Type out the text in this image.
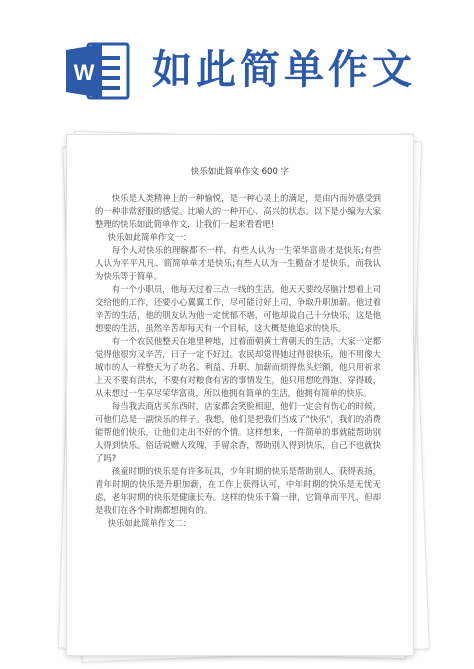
W 如此简单作文
快乐如此简单作文 600 字

快乐是人类精神上的一种愉悦，是一种心灵上的满足，是由内而外感受到的一种非常舒服的感觉。比喻人的一种开心、高兴的状态。以下是小编为大家整理的快乐如此简单作文，让我们一起来看看吧!

快乐如此简单作文一：

每个人对快乐的理解都不一样，有些人认为一生荣华富贵才是快乐;有些人认为平平凡凡、简简单单才是快乐;有些人认为一生勤奋才是快乐，而我认为快乐等于简单。

有一个小职员，他每天过着三点一线的生活，他天天要绞尽脑汁想着上司交给他的工作，还要小心翼翼工作，尽可能讨好上司，争取升职加薪。他过着辛苦的生活，他的朋友认为他一定忧郁不堪，可他却说自己十分快乐，这是他想要的生活，虽然辛苦却每天有一个目标，这大概是他追求的快乐。

有一个农民他整天在地里种地，过着面朝黄土背朝天的生活，大家一定都觉得他很穷又辛苦，日子一定不好过。农民却觉得她过得很快乐，他不用像大城市的人一样整天为了功名、利益、升职、加薪而烦得焦头烂额，他只用祈求上天不要有洪水，不要有对粮食有害的事情发生，他只用想吃得饱、穿得暖，从未想过一生享尽荣华富贵，所以他拥有简单的生活，他拥有简单的快乐。

每当我去商店买东西时，店家都会笑脸相迎，他们一定会有伤心的时候，可他们总是一副快乐的样子。我想，他们是把我们当成了"快乐"，我们的消费能帮他们快乐，让他们走出不好的个情。这样想来，一件简单的事就能帮助别人得到快乐。俗话说赠人玫瑰，手留余香，帮助别人得到快乐，自己不也就快了吗?

孩童时期的快乐是有许多玩具，少年时期的快乐是帮助别人，获得表扬，青年时期的快乐是升职加薪，在工作上获得认可，中年时期的快乐是无忧无虑，老年时期的快乐是健康长寿。这样的快乐千篇一律，它简单而平凡，但却是我们在各个时期都想拥有的。

快乐如此简单作文二：
